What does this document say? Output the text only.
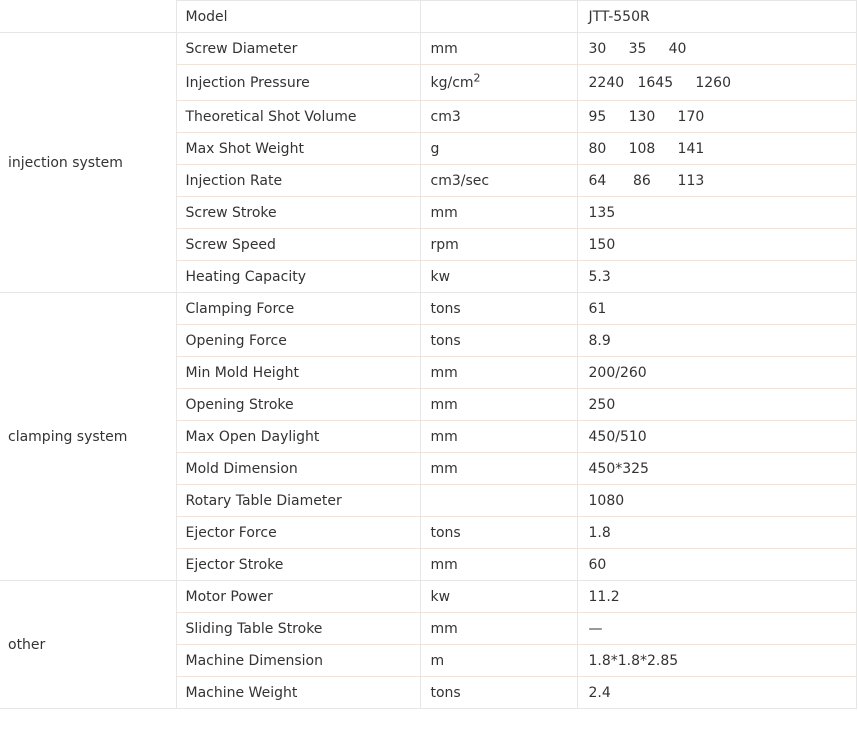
	Model		JTT-550R
injection system	Screw Diameter	mm	30     35     40
	Injection Pressure	$kg/cm^2$	2240   1645     1260
	Theoretical Shot Volume	cm3	95     130     170
	Max Shot Weight	g	80     108     141
	Injection Rate	cm3/sec	64      86      113
	Screw Stroke	mm	135
	Screw Speed	rpm	150
	Heating Capacity	kw	5.3
clamping system	Clamping Force	tons	61
	Opening Force	tons	8.9
	Min Mold Height	mm	200/260
	Opening Stroke	mm	250
	Max Open Daylight	mm	450/510
	Mold Dimension	mm	450*325
	Rotary Table Diameter		1080
	Ejector Force	tons	1.8
	Ejector Stroke	mm	60
other	Motor Power	kw	11.2
	Sliding Table Stroke	mm	—
	Machine Dimension	m	1.8*1.8*2.85
	Machine Weight	tons	2.4
